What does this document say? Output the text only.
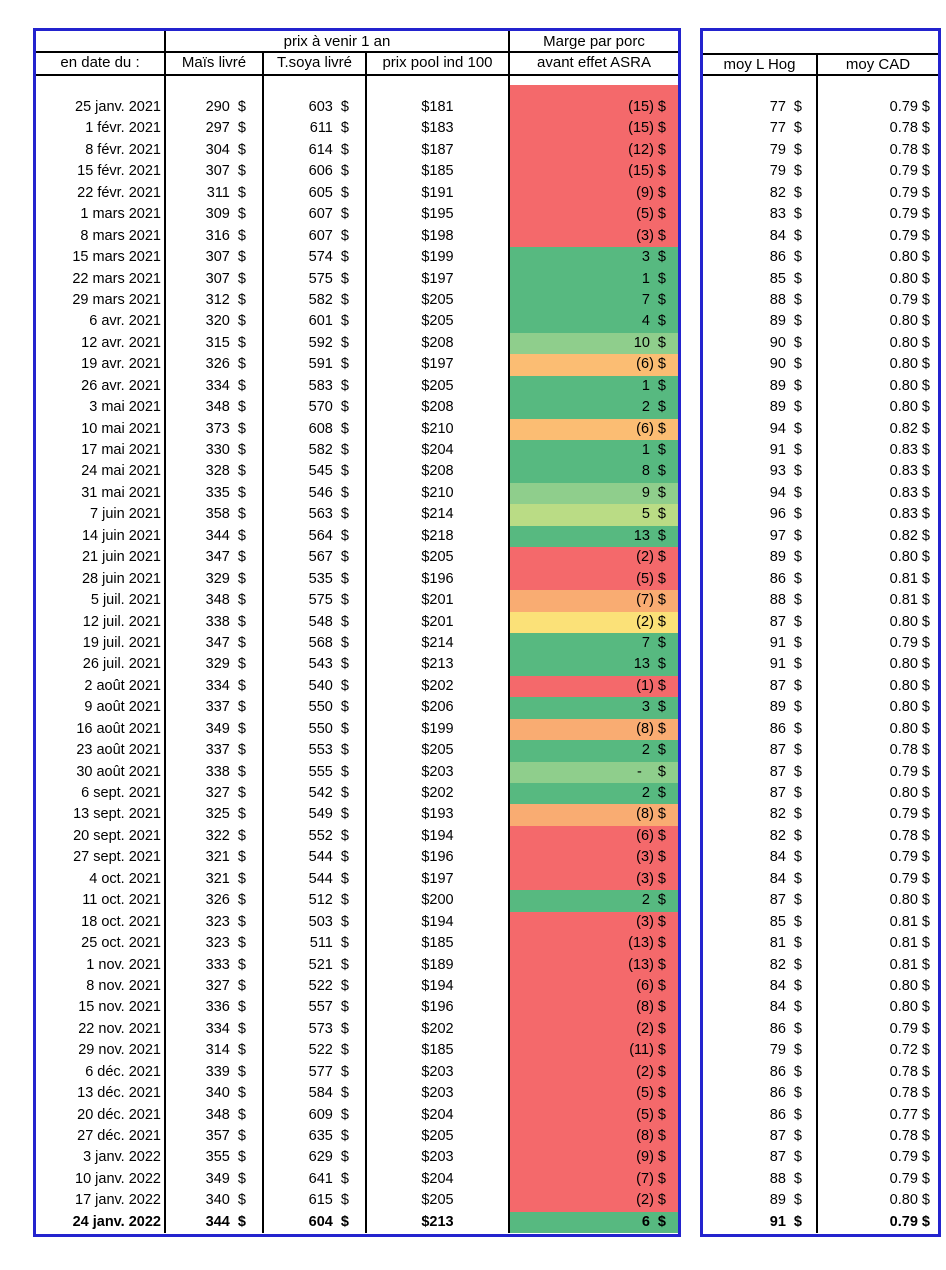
prix à venir 1 an	Marge par porc
en date du :	Maïs livré	T.soya livré	prix pool ind 100	avant effet ASRA
25 janv. 2021	290  $	603  $	$181	(15) $
1 févr. 2021	297  $	611  $	$183	(15) $
8 févr. 2021	304  $	614  $	$187	(12) $
15 févr. 2021	307  $	606  $	$185	(15) $
22 févr. 2021	311  $	605  $	$191	(9) $
1 mars 2021	309  $	607  $	$195	(5) $
8 mars 2021	316  $	607  $	$198	(3) $
15 mars 2021	307  $	574  $	$199	3  $
22 mars 2021	307  $	575  $	$197	1  $
29 mars 2021	312  $	582  $	$205	7  $
6 avr. 2021	320  $	601  $	$205	4  $
12 avr. 2021	315  $	592  $	$208	10  $
19 avr. 2021	326  $	591  $	$197	(6) $
26 avr. 2021	334  $	583  $	$205	1  $
3 mai 2021	348  $	570  $	$208	2  $
10 mai 2021	373  $	608  $	$210	(6) $
17 mai 2021	330  $	582  $	$204	1  $
24 mai 2021	328  $	545  $	$208	8  $
31 mai 2021	335  $	546  $	$210	9  $
7 juin 2021	358  $	563  $	$214	5  $
14 juin 2021	344  $	564  $	$218	13  $
21 juin 2021	347  $	567  $	$205	(2) $
28 juin 2021	329  $	535  $	$196	(5) $
5 juil. 2021	348  $	575  $	$201	(7) $
12 juil. 2021	338  $	548  $	$201	(2) $
19 juil. 2021	347  $	568  $	$214	7  $
26 juil. 2021	329  $	543  $	$213	13  $
2 août 2021	334  $	540  $	$202	(1) $
9 août 2021	337  $	550  $	$206	3  $
16 août 2021	349  $	550  $	$199	(8) $
23 août 2021	337  $	553  $	$205	2  $
30 août 2021	338  $	555  $	$203	-    $
6 sept. 2021	327  $	542  $	$202	2  $
13 sept. 2021	325  $	549  $	$193	(8) $
20 sept. 2021	322  $	552  $	$194	(6) $
27 sept. 2021	321  $	544  $	$196	(3) $
4 oct. 2021	321  $	544  $	$197	(3) $
11 oct. 2021	326  $	512  $	$200	2  $
18 oct. 2021	323  $	503  $	$194	(3) $
25 oct. 2021	323  $	511  $	$185	(13) $
1 nov. 2021	333  $	521  $	$189	(13) $
8 nov. 2021	327  $	522  $	$194	(6) $
15 nov. 2021	336  $	557  $	$196	(8) $
22 nov. 2021	334  $	573  $	$202	(2) $
29 nov. 2021	314  $	522  $	$185	(11) $
6 déc. 2021	339  $	577  $	$203	(2) $
13 déc. 2021	340  $	584  $	$203	(5) $
20 déc. 2021	348  $	609  $	$204	(5) $
27 déc. 2021	357  $	635  $	$205	(8) $
3 janv. 2022	355  $	629  $	$203	(9) $
10 janv. 2022	349  $	641  $	$204	(7) $
17 janv. 2022	340  $	615  $	$205	(2) $
24 janv. 2022	344  $	604  $	$213	6  $
moy L Hog	moy CAD
77  $	0.79 $
77  $	0.78 $
79  $	0.78 $
79  $	0.79 $
82  $	0.79 $
83  $	0.79 $
84  $	0.79 $
86  $	0.80 $
85  $	0.80 $
88  $	0.79 $
89  $	0.80 $
90  $	0.80 $
90  $	0.80 $
89  $	0.80 $
89  $	0.80 $
94  $	0.82 $
91  $	0.83 $
93  $	0.83 $
94  $	0.83 $
96  $	0.83 $
97  $	0.82 $
89  $	0.80 $
86  $	0.81 $
88  $	0.81 $
87  $	0.80 $
91  $	0.79 $
91  $	0.80 $
87  $	0.80 $
89  $	0.80 $
86  $	0.80 $
87  $	0.78 $
87  $	0.79 $
87  $	0.80 $
82  $	0.79 $
82  $	0.78 $
84  $	0.79 $
84  $	0.79 $
87  $	0.80 $
85  $	0.81 $
81  $	0.81 $
82  $	0.81 $
84  $	0.80 $
84  $	0.80 $
86  $	0.79 $
79  $	0.72 $
86  $	0.78 $
86  $	0.78 $
86  $	0.77 $
87  $	0.78 $
87  $	0.79 $
88  $	0.79 $
89  $	0.80 $
91  $	0.79 $
